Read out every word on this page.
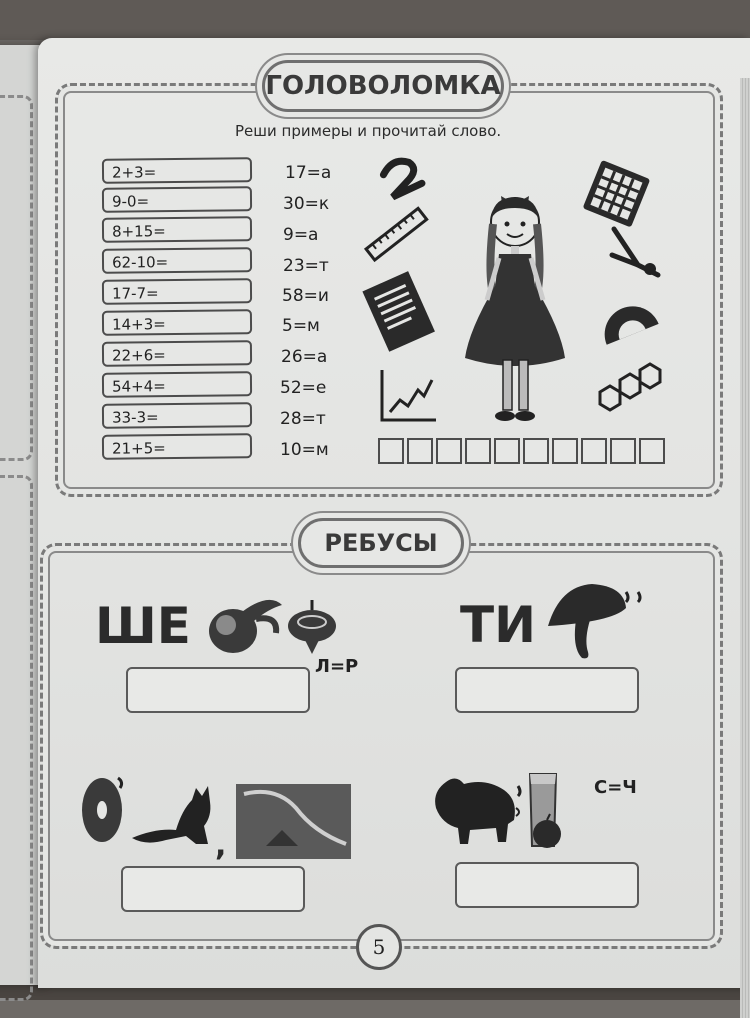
ГОЛОВОЛОМКА
Реши примеры и прочитай слово.
2+3=
9-0=
8+15=
62-10=
17-7=
14+3=
22+6=
54+4=
33-3=
21+5=
17=а
30=к
9=а
23=т
58=и
5=м
26=а
52=е
28=т
10=м
РЕБУСЫ
ШЕ
Л=Р
ТИ
,
С=Ч
5
